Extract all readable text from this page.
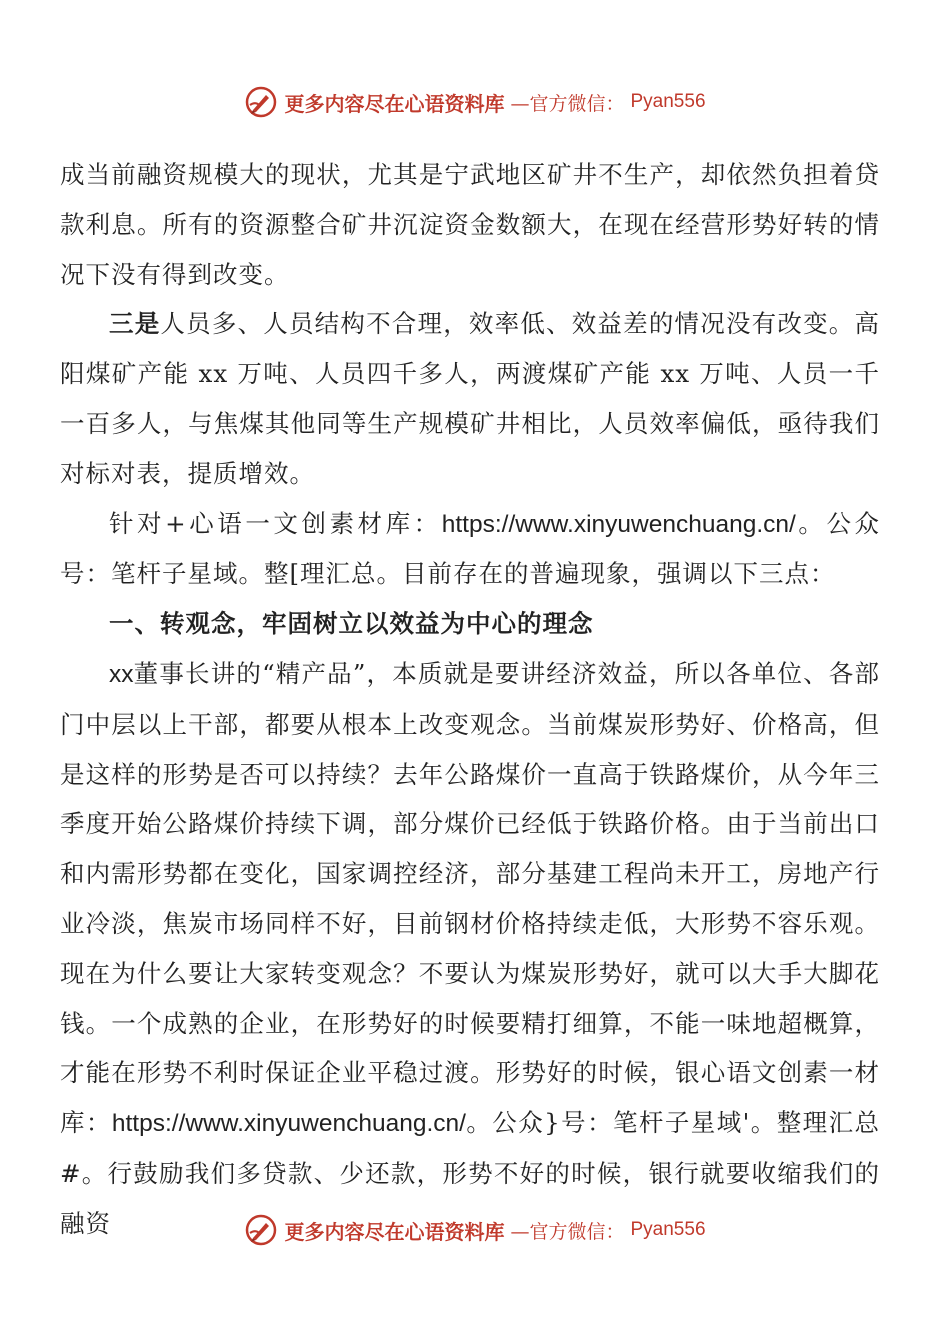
更多内容尽在心语资料库 —官方微信： Pyan556

成当前融资规模大的现状，尤其是宁武地区矿井不生产，却依然负担着贷款利息。所有的资源整合矿井沉淀资金数额大，在现在经营形势好转的情况下没有得到改变。

三是人员多、人员结构不合理，效率低、效益差的情况没有改变。高阳煤矿产能 xx 万吨、人员四千多人，两渡煤矿产能 xx 万吨、人员一千一百多人，与焦煤其他同等生产规模矿井相比，人员效率偏低，亟待我们对标对表，提质增效。

针对+心语一文创素材库：https://www.xinyuwenchuang.cn/。公众号：笔杆子星域。整[理汇总。目前存在的普遍现象，强调以下三点：

一、转观念，牢固树立以效益为中心的理念

xx董事长讲的“精产品”，本质就是要讲经济效益，所以各单位、各部门中层以上干部，都要从根本上改变观念。当前煤炭形势好、价格高，但是这样的形势是否可以持续？去年公路煤价一直高于铁路煤价，从今年三季度开始公路煤价持续下调，部分煤价已经低于铁路价格。由于当前出口和内需形势都在变化，国家调控经济，部分基建工程尚未开工，房地产行业冷淡，焦炭市场同样不好，目前钢材价格持续走低，大形势不容乐观。现在为什么要让大家转变观念？不要认为煤炭形势好，就可以大手大脚花钱。一个成熟的企业，在形势好的时候要精打细算，不能一味地超概算，才能在形势不利时保证企业平稳过渡。形势好的时候，银心语文创素一材库：https://www.xinyuwenchuang.cn/。公众}号：笔杆子星域'。整理汇总#。行鼓励我们多贷款、少还款，形势不好的时候，银行就要收缩我们的融资	更多内容尽在心语资料库 —官方微信： Pyan556
